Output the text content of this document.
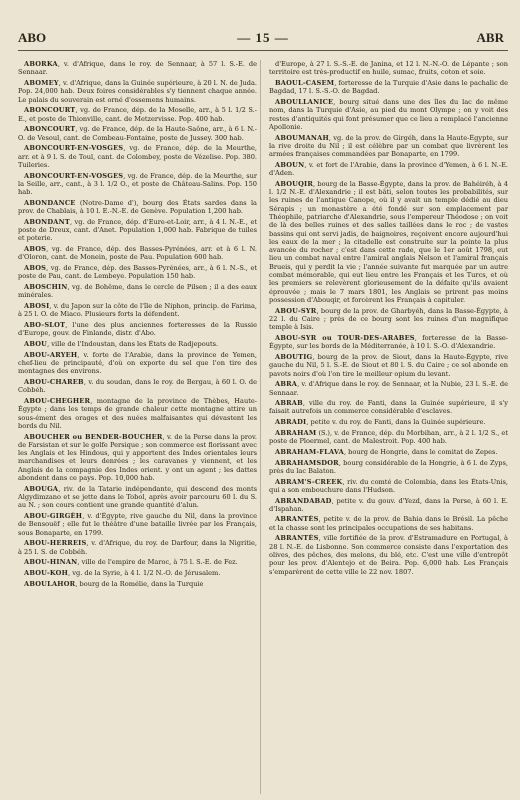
ABO	— 15 —	ABR

ABORKA, v. d'Afrique, dans le roy. de Sennaar, à 57 l. S.-E. de Sennaar.

ABOMEY, v. d'Afrique, dans la Guinée supérieure, à 20 l. N. de Juda. Pop. 24,000 hab. Deux foires considérables s'y tiennent chaque année. Le palais du souverain est orné d'ossemens humains.

ABONCOURT, vg. de France, dép. de la Moselle, arr., à 5 l. 1/2 S.-E., et poste de Thionville, cant. de Metzervisse. Pop. 400 hab.

ABONCOURT, vg. de France, dép. de la Haute-Saône, arr., à 6 l. N.-O. de Vesoul, cant. de Combeau-Fontaine, poste de Jussey. 300 hab.

ABONCOURT-EN-VOSGES, vg. de France, dép. de la Meurthe, arr. et à 9 l. S. de Toul, cant. de Colombey, poste de Vézelise. Pop. 380. Tuileries.

ABONCOURT-EN-VOSGES, vg. de France, dép. de la Meurthe, sur la Seille, arr., cant., à 3 l. 1/2 O., et poste de Château-Salins. Pop. 150 hab.

ABONDANCE (Notre-Dame d'), bourg des États sardes dans la prov. de Chablais, à 10 l. E.-N.-E. de Genève. Population 1,200 hab.

ABONDANT, vg. de France, dép. d'Eure-et-Loir, arr., à 4 l. N.-E., et poste de Dreux, cant. d'Anet. Population 1,000 hab. Fabrique de tuiles et poterie.

ABOS, vg. de France, dép. des Basses-Pyrénées, arr. et à 6 l. N. d'Oloron, cant. de Monein, poste de Pau. Population 600 hab.

ABOS, vg. de France, dép. des Basses-Pyrénées, arr., à 6 l. N.-S., et poste de Pau, cant. de Lembeye. Population 150 hab.

ABOSCHIN, vg. de Bohême, dans le cercle de Pilsen ; il a des eaux minérales.

ABOSI, v. du Japon sur la côte de l'île de Niphon, princip. de Farima, à 25 l. O. de Miaco. Plusieurs forts la défendent.

ABO-SLOT, l'une des plus anciennes forteresses de la Russie d'Europe, gouv. de Finlande, distr. d'Abo.

ABOU, ville de l'Indoustan, dans les États de Radjepouts.

ABOU-ARYEH, v. forte de l'Arabie, dans la province de Yemen, chef-lieu de principauté, d'où on exporte du sel que l'on tire des montagnes des environs.

ABOU-CHAREB, v. du soudan, dans le roy. de Bergau, à 60 l. O. de Cobbéh.

ABOU-CHEGHER, montagne de la province de Thèbes, Haute-Égypte ; dans les temps de grande chaleur cette montagne attire un sous-ément des orages et des nuées malfaisantes qui dévastent les bords du Nil.

ABOUCHER ou BENDER-BOUCHER, v. de la Perse dans la prov. de Farsistan et sur le golfe Persique ; son commerce est florissant avec les Anglais et les Hindous, qui y apportent des Indes orientales leurs marchandises et leurs denrées ; les caravanes y viennent, et les Anglais de la compagnie des Indes orient. y ont un agent ; les dattes abondent dans ce pays. Pop. 10,000 hab.

ABOUGA, riv. de la Tatarie indépendante, qui descend des monts Algydimzano et se jette dans le Tobol, après avoir parcouru 60 l. du S. au N. ; son cours contient une grande quantité d'alun.

ABOU-GIRGÈH, v. d'Égypte, rive gauche du Nil, dans la province de Bensouëf ; elle fut le théâtre d'une bataille livrée par les Français, sous Bonaparte, en 1799.

ABOU-HERREIS, v. d'Afrique, du roy. de Darfour, dans la Nigritie, à 25 l. S. de Cobbéh.

ABOU-HINAN, ville de l'empire de Maroc, à 75 l. S.-E. de Fez.

ABOU-KOH, vg. de la Syrie, à 4 l. 1/2 N.-O. de Jérusalem.

ABOULAHOR, bourg de la Romélie, dans la Turquie

d'Europe, à 27 l. S.-S.-E. de Janina, et 12 l. N.-N.-O. de Lépante ; son territoire est très-productif en huile, sumac, fruits, coton et soie.

BAOUL-CASEM, forteresse de la Turquie d'Asie dans le pachalic de Bagdad, 17 l. S.-S.-O. de Bagdad.

ABOULLANICE, bourg situé dans une des îles du lac de même nom, dans la Turquie d'Asie, au pied du mont Olympe ; on y voit des restes d'antiquités qui font présumer que ce lieu a remplacé l'ancienne Apollonie.

ABOUMANAH, vg. de la prov. de Girgéh, dans la Haute-Égypte, sur la rive droite du Nil ; il est célèbre par un combat que livrèrent les armées françaises commandées par Bonaparte, en 1799.

ABOUN, v. et fort de l'Arabie, dans la province d'Yemen, à 6 l. N.-E. d'Aden.

ABOUQIR, bourg de la Basse-Égypte, dans la prov. de Bahéiréh, à 4 l. 1/2 N.-E. d'Alexandrie ; il est bâti, selon toutes les probabilités, sur les ruines de l'antique Canope, où il y avait un temple dédié au dieu Sérapis ; un monastère a été fondé sur son emplacement par Théophile, patriarche d'Alexandrie, sous l'empereur Théodose ; on voit de là des belles ruines et des salles taillées dans le roc ; de vastes bassins qui ont servi jadis, de baignoires, reçoivent encore aujourd'hui les eaux de la mer ; la citadelle est construite sur la pointe la plus avancée du rocher ; c'est dans cette rade, que le 1er août 1798, eut lieu un combat naval entre l'amiral anglais Nelson et l'amiral français Brueis, qui y perdit la vie ; l'année suivante fut marquée par un autre combat mémorable, qui eut lieu entre les Français et les Turcs, et où les premiers se relevèrent glorieusement de la défaite qu'ils avaient éprouvée ; mais le 7 mars 1801, les Anglais se prirent pas moins possession d'Abouqir, et forcèrent les Français à capituler.

ABOU-SYR, bourg de la prov. de Gharbyéh, dans la Basse-Égypte, à 22 l. du Caire ; près de ce bourg sont les ruines d'un magnifique temple à Isis.

ABOU-SYR ou TOUR-DES-ARABES, forteresse de la Basse-Égypte, sur les bords de la Méditerranée, à 10 l. S.-O. d'Alexandrie.

ABOUTIG, bourg de la prov. de Siout, dans la Haute-Égypte, rive gauche du Nil, 5 l. S.-E. de Siout et 80 l. S. du Caire ; ce sol abonde en pavots noirs d'où l'on tire le meilleur opium du levant.

ABRA, v. d'Afrique dans le roy. de Sennaar, et la Nubie, 23 l. S.-E. de Sennaar.

ABRAB, ville du roy. de Fanti, dans la Guinée supérieure, il s'y faisait autrefois un commerce considérable d'esclaves.

ABRADI, petite v. du roy. de Fanti, dans la Guinée supérieure.

ABRAHAM (S.), v. de France, dép. du Morbihan, arr., à 2 l. 1/2 S., et poste de Ploermel, cant. de Malestroit. Pop. 400 hab.

ABRAHAM-FLAVA, bourg de Hongrie, dans le comitat de Zepes.

ABRAHAMSDOR, bourg considérable de la Hongrie, à 6 l. de Zyps, près du lac Balaton.

ABRAM'S-CREEK, riv. du comté de Colombia, dans les États-Unis, qui a son embouchure dans l'Hudson.

ABRANDABAD, petite v. du gouv. d'Yezd, dans la Perse, à 60 l. E. d'Ispahan.

ABRANTÈS, petite v. de la prov. de Bahia dans le Brésil. La pêche et la chasse sont les principales occupations de ses habitans.

ABRANTÈS, ville fortifiée de la prov. d'Estramadure en Portugal, à 28 l. N.-E. de Lisbonne. Son commerce consiste dans l'exportation des olives, des pêches, des melons, du blé, etc. C'est une ville d'entrepôt pour les prov. d'Alentejo et de Beira. Pop. 6,000 hab. Les Français s'emparèrent de cette ville le 22 nov. 1807.
